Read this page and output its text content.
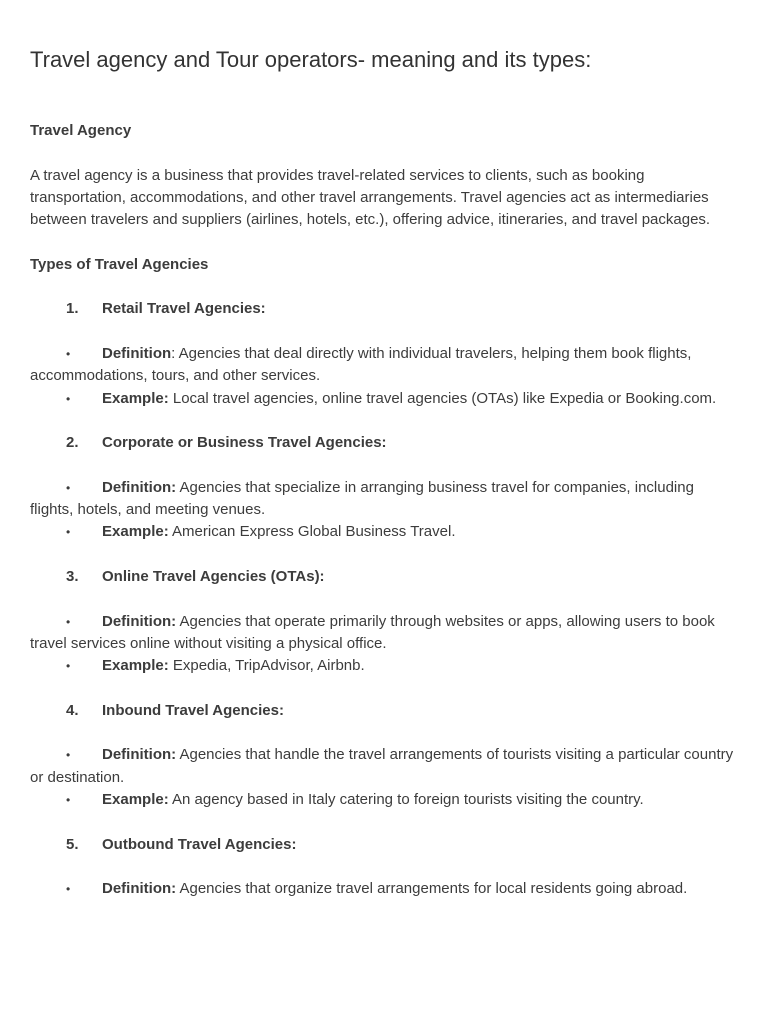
Travel agency and Tour operators- meaning and its types:
Travel Agency
A travel agency is a business that provides travel-related services to clients, such as booking transportation, accommodations, and other travel arrangements. Travel agencies act as intermediaries between travelers and suppliers (airlines, hotels, etc.), offering advice, itineraries, and travel packages.
Types of Travel Agencies
1. Retail Travel Agencies:
• Definition: Agencies that deal directly with individual travelers, helping them book flights, accommodations, tours, and other services.
• Example: Local travel agencies, online travel agencies (OTAs) like Expedia or Booking.com.
2. Corporate or Business Travel Agencies:
• Definition: Agencies that specialize in arranging business travel for companies, including flights, hotels, and meeting venues.
• Example: American Express Global Business Travel.
3. Online Travel Agencies (OTAs):
• Definition: Agencies that operate primarily through websites or apps, allowing users to book travel services online without visiting a physical office.
• Example: Expedia, TripAdvisor, Airbnb.
4. Inbound Travel Agencies:
• Definition: Agencies that handle the travel arrangements of tourists visiting a particular country or destination.
• Example: An agency based in Italy catering to foreign tourists visiting the country.
5. Outbound Travel Agencies:
• Definition: Agencies that organize travel arrangements for local residents going abroad.
